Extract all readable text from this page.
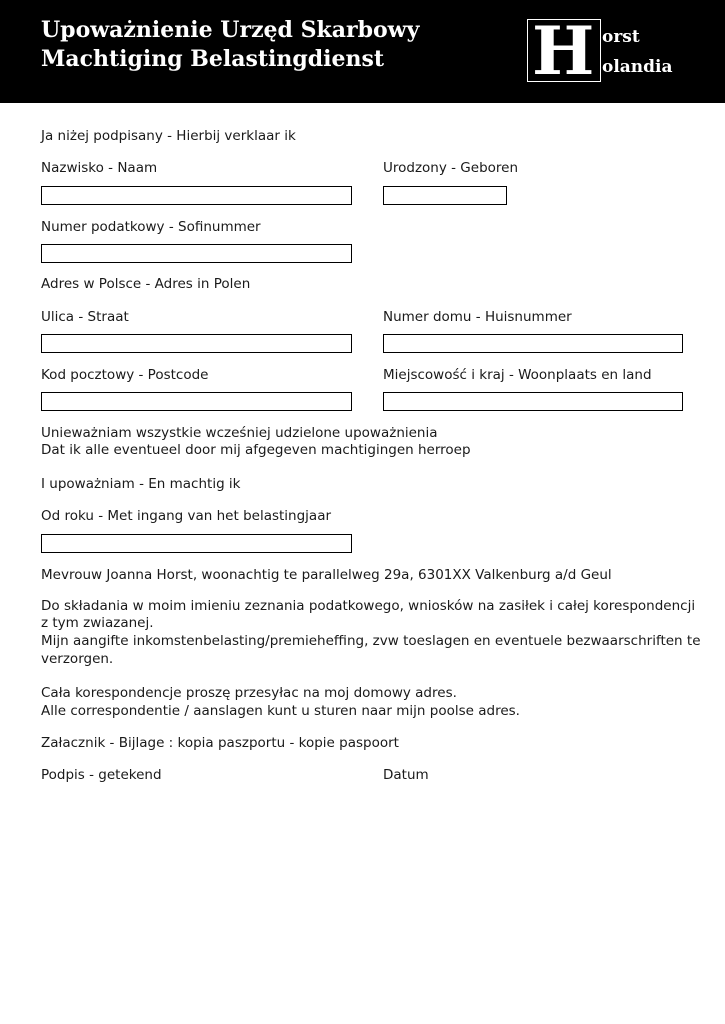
Upoważnienie Urzęd Skarbowy
Machtiging Belastingdienst	H orst
olandia

Ja niżej podpisany - Hierbij verklaar ik

Nazwisko - Naam	Urodzony - Geboren

Numer podatkowy - Sofinummer

Adres w Polsce - Adres in Polen

Ulica - Straat	Numer domu - Huisnummer

Kod pocztowy - Postcode	Miejscowość i kraj - Woonplaats en land

Unieważniam wszystkie wcześniej udzielone upoważnienia

Dat ik alle eventueel door mij afgegeven machtigingen herroep

I upoważniam - En machtig ik

Od roku - Met ingang van het belastingjaar

Mevrouw Joanna Horst, woonachtig te parallelweg 29a, 6301XX Valkenburg a/d Geul

Do składania w moim imieniu zeznania podatkowego, wniosków na zasiłek i całej korespondencji

z tym zwiazanej.

Mijn aangifte inkomstenbelasting/premieheffing, zvw toeslagen en eventuele bezwaarschriften te

verzorgen.

Cała korespondencje proszę przesyłac na moj domowy adres.

Alle correspondentie / aanslagen kunt u sturen naar mijn poolse adres.

Załacznik - Bijlage : kopia paszportu - kopie paspoort

Podpis - getekend	Datum
